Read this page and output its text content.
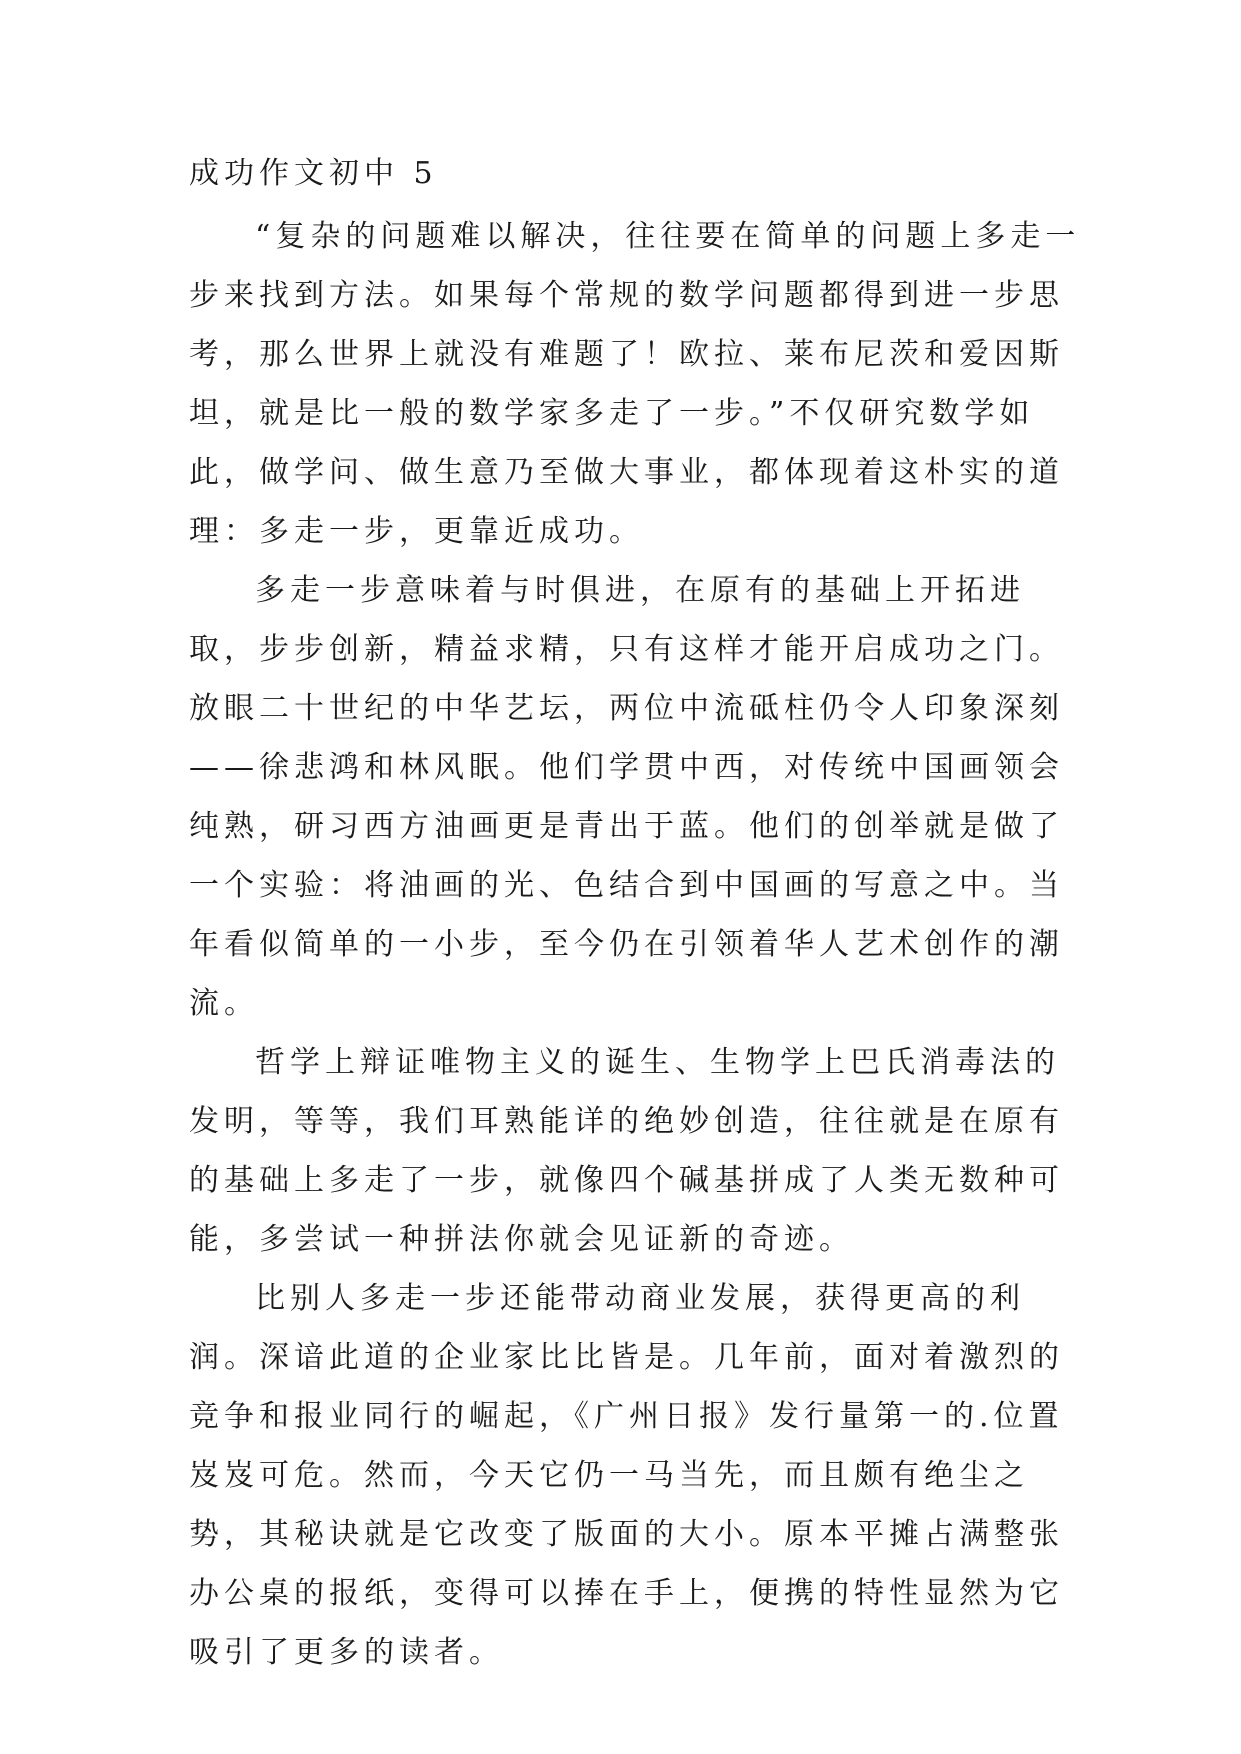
成功作文初中 5

“复杂的问题难以解决，往往要在简单的问题上多走一步来找到方法。如果每个常规的数学问题都得到进一步思考，那么世界上就没有难题了！欧拉、莱布尼茨和爱因斯坦，就是比一般的数学家多走了一步。”不仅研究数学如此，做学问、做生意乃至做大事业，都体现着这朴实的道理：多走一步，更靠近成功。

多走一步意味着与时俱进，在原有的基础上开拓进取，步步创新，精益求精，只有这样才能开启成功之门。放眼二十世纪的中华艺坛，两位中流砥柱仍令人印象深刻——徐悲鸿和林风眠。他们学贯中西，对传统中国画领会纯熟，研习西方油画更是青出于蓝。他们的创举就是做了一个实验：将油画的光、色结合到中国画的写意之中。当年看似简单的一小步，至今仍在引领着华人艺术创作的潮流。

哲学上辩证唯物主义的诞生、生物学上巴氏消毒法的发明，等等，我们耳熟能详的绝妙创造，往往就是在原有的基础上多走了一步，就像四个碱基拼成了人类无数种可能，多尝试一种拼法你就会见证新的奇迹。

比别人多走一步还能带动商业发展，获得更高的利润。深谙此道的企业家比比皆是。几年前，面对着激烈的竞争和报业同行的崛起，《广州日报》发行量第一的.位置岌岌可危。然而，今天它仍一马当先，而且颇有绝尘之势，其秘诀就是它改变了版面的大小。原本平摊占满整张办公桌的报纸，变得可以捧在手上，便携的特性显然为它吸引了更多的读者。
